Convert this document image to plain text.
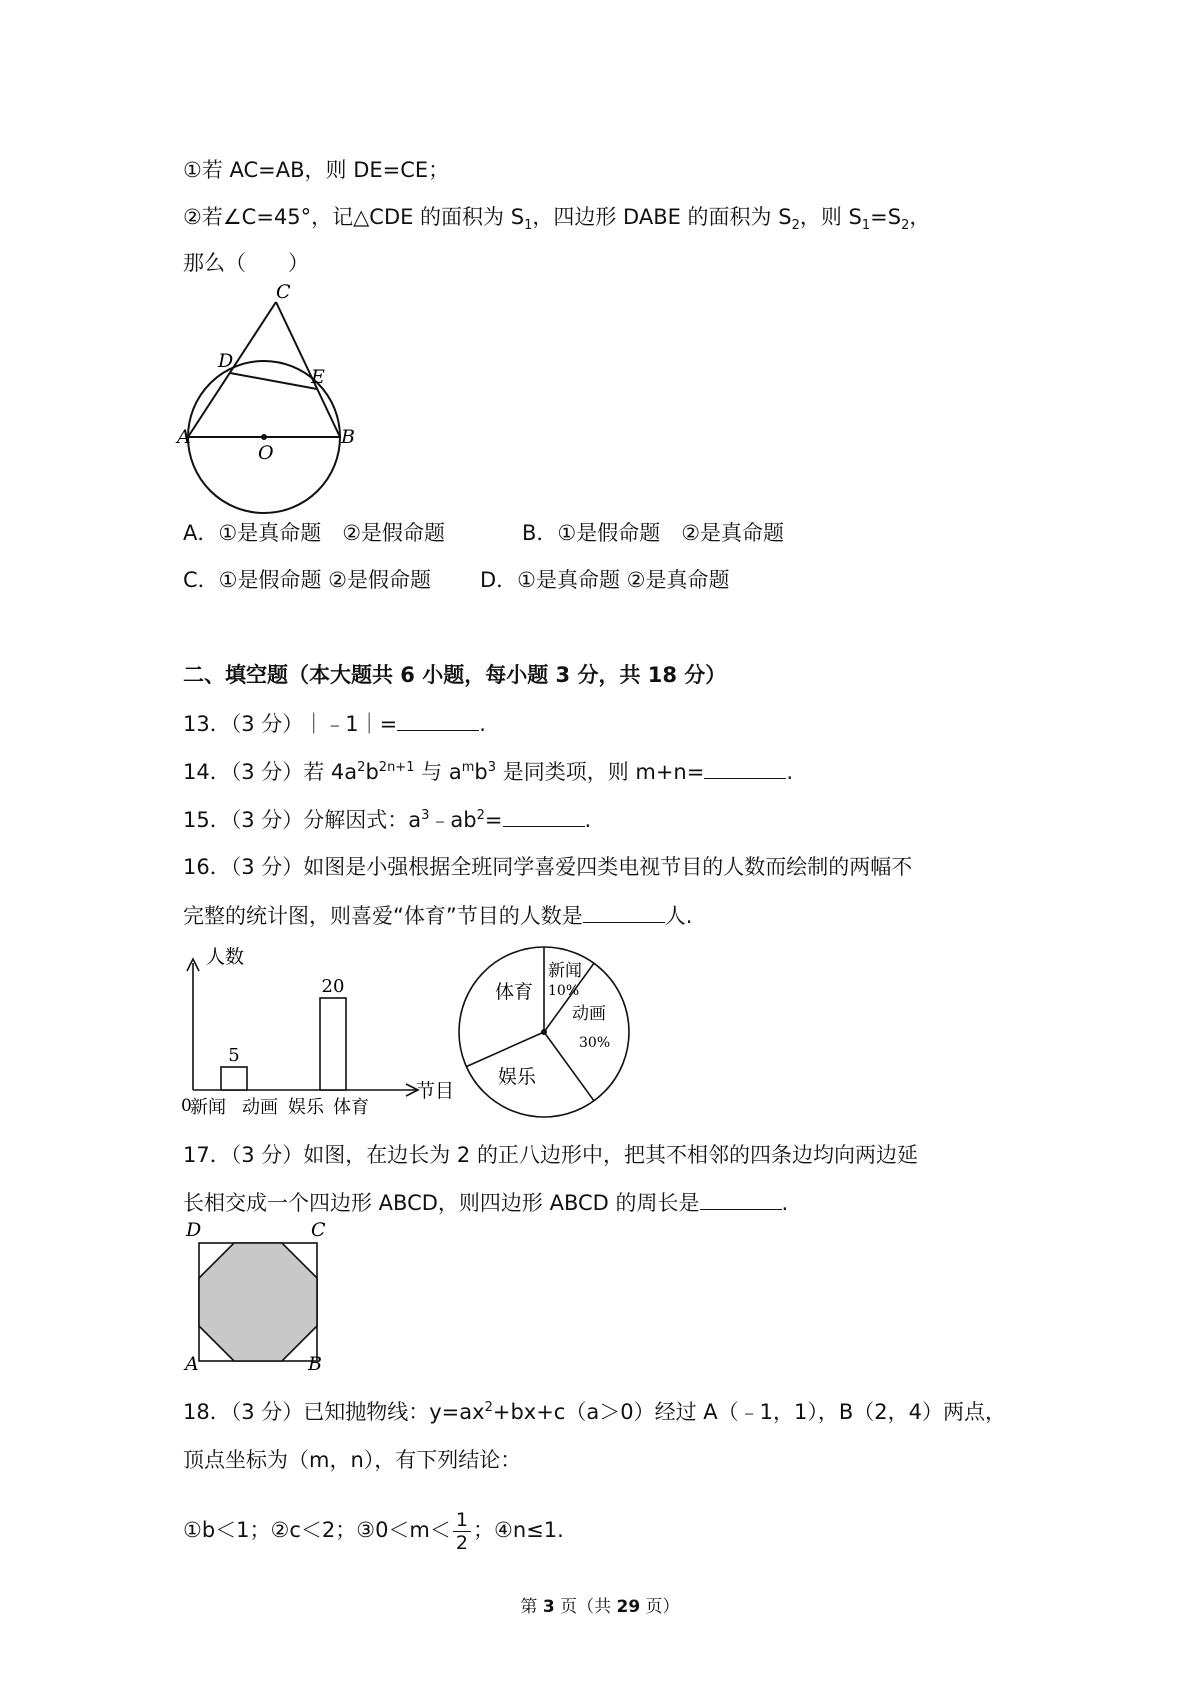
①若 AC=AB，则 DE=CE；
②若∠C=45°，记△CDE 的面积为 $S_1$，四边形 DABE 的面积为 $S_2$，则 $S_1=S_2$，
那么（　　）
C
D
E
A
O
B
A．①是真命题　②是假命题	B．①是假命题　②是真命题
C．①是假命题 ②是假命题 D．①是真命题 ②是真命题
二、填空题（本大题共 6 小题，每小题 3 分，共 18 分）
13．（3 分）｜﹣1｜=	.
14．（3 分）若 $4a^2b^{2n+1}$ 与 $a^mb^3$ 是同类项，则 m+n=	.
15．（3 分）分解因式：$a^3﹣ab^2=$	.
16．（3 分）如图是小强根据全班同学喜爱四类电视节目的人数而绘制的两幅不
完整的统计图，则喜爱“体育”节目的人数是	人.
人数
节目
0
5
20
新闻 动画 娱乐 体育
体育
新闻
10%
动画
30%
娱乐
17．（3 分）如图，在边长为 2 的正八边形中，把其不相邻的四条边均向两边延
长相交成一个四边形 ABCD，则四边形 ABCD 的周长是	.
D	C
A	B
18．（3 分）已知抛物线：$y=ax^2+bx+c(a>0)$经过 A（﹣1，1），B（2，4）两点，
顶点坐标为（m，n），有下列结论：
①b＜1；②c＜2；③0＜m＜ $\frac{1}{2}$ ；④n≤1.
第 3 页（共 29 页）
